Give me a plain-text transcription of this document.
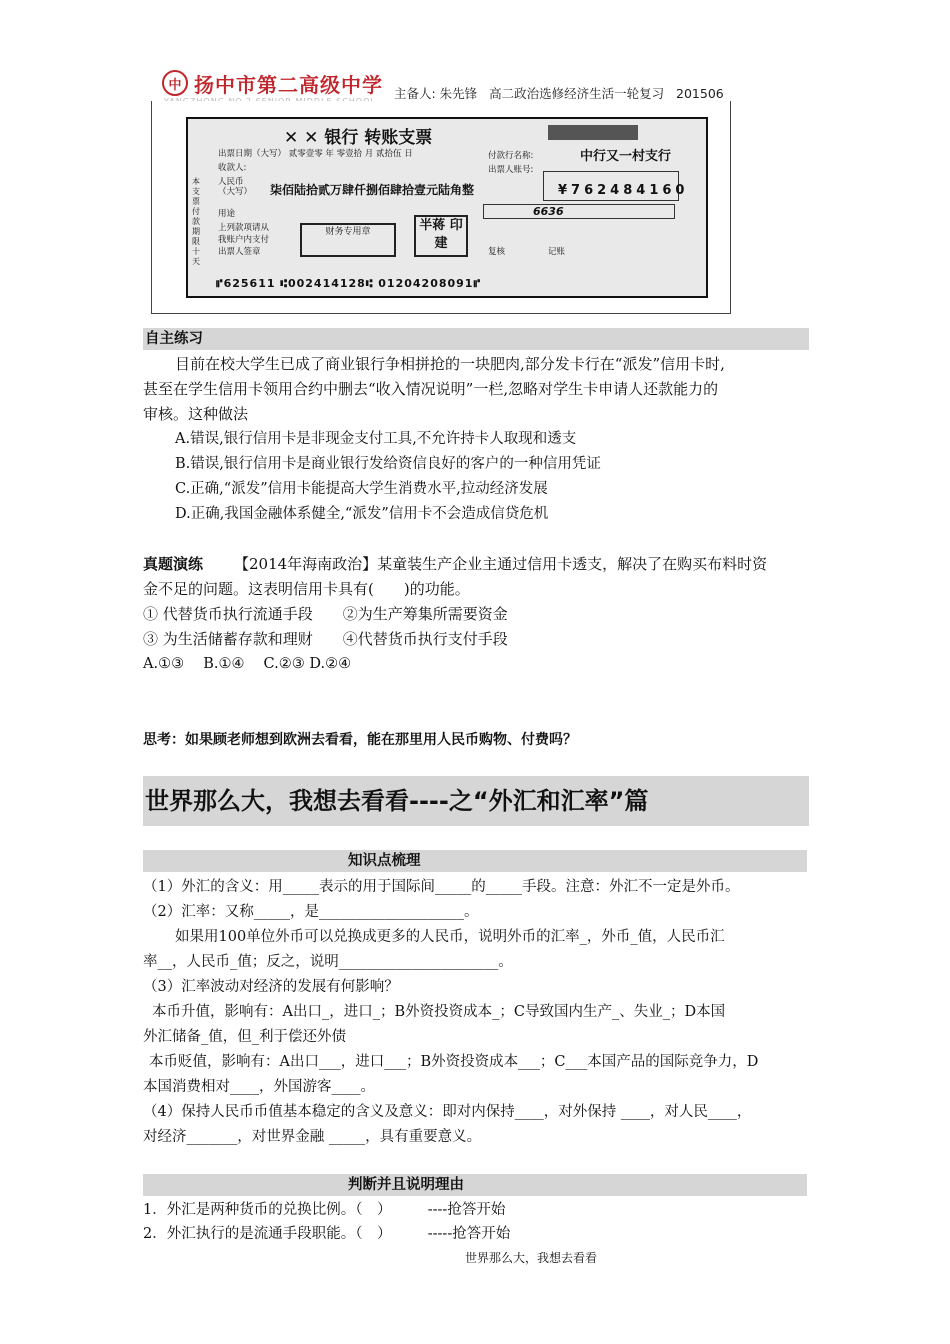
中 扬中市第二高级中学 主备人: 朱先锋   高二政治选修经济生活一轮复习   201506
✕ ✕ 银行 转账支票
出票日期（大写） 贰零壹零 年 零壹拾 月 贰拾伍 日
收款人:
付款行名称:	中行又一村支行
出票人账号:
人民币
（大写） 柒佰陆拾贰万肆仟捌佰肆拾壹元陆角整	¥762484160
用途	6636
上列款项请从
我账户内支付
出票人签章
财务专用章	半蒋 印建
复核	记账
本支票付款期限十天
⑈625611 ⑆002414128⑆ 01204208091⑈
自主练习
目前在校大学生已成了商业银行争相拼抢的一块肥肉,部分发卡行在“派发”信用卡时,
甚至在学生信用卡领用合约中删去“收入情况说明”一栏,忽略对学生卡申请人还款能力的
审核。这种做法
A.错误,银行信用卡是非现金支付工具,不允许持卡人取现和透支
B.错误,银行信用卡是商业银行发给资信良好的客户的一种信用凭证
C.正确,“派发”信用卡能提高大学生消费水平,拉动经济发展
D.正确,我国金融体系健全,“派发”信用卡不会造成信贷危机
真题演练 【2014年海南政治】某童装生产企业主通过信用卡透支，解决了在购买布料时资
金不足的问题。这表明信用卡具有(　　)的功能。
① 代替货币执行流通手段　　②为生产筹集所需要资金
③ 为生活储蓄存款和理财　　④代替货币执行支付手段
A.①③　 B.①④　 C.②③ D.②④
思考：如果顾老师想到欧洲去看看，能在那里用人民币购物、付费吗？
世界那么大，我想去看看----之“外汇和汇率”篇
知识点梳理
（1）外汇的含义：用_____表示的用于国际间_____的_____手段。注意：外汇不一定是外币。
（2）汇率：又称_____，是____________________。
如果用100单位外币可以兑换成更多的人民币，说明外币的汇率_，外币_值，人民币汇
率__，人民币_值；反之，说明______________________。
（3）汇率波动对经济的发展有何影响？
本币升值，影响有：A出口_，进口_；B外资投资成本_；C导致国内生产_、失业_；D本国
外汇储备_值，但_利于偿还外债
本币贬值，影响有：A出口___，进口___；B外资投资成本___；C___本国产品的国际竞争力，D
本国消费相对____，外国游客____。
（4）保持人民币币值基本稳定的含义及意义：即对内保持____，对外保持 ____，对人民____，
对经济_______，对世界金融 _____，具有重要意义。
判断并且说明理由
1．外汇是两种货币的兑换比例。（　）　　　----抢答开始
2．外汇执行的是流通手段职能。（　）　　　-----抢答开始
世界那么大，我想去看看
